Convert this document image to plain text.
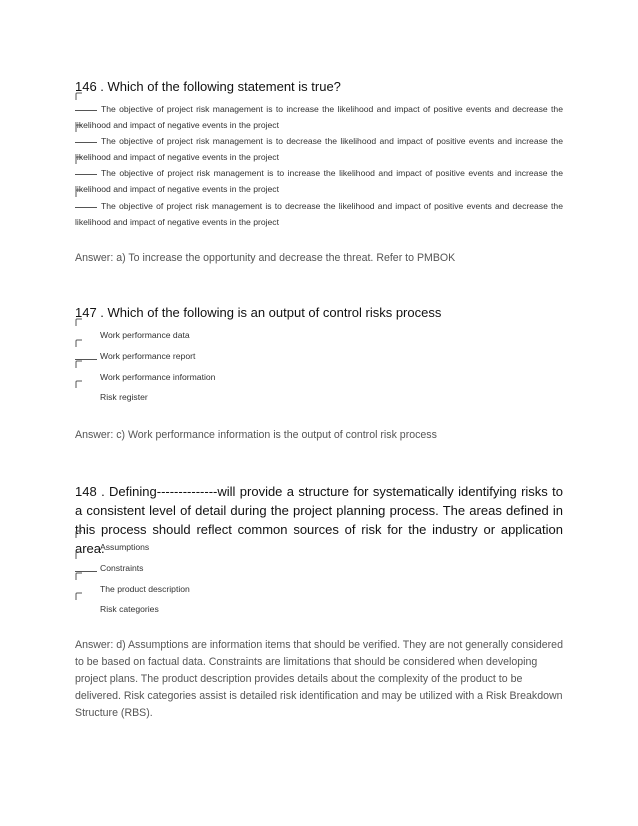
146 . Which of the following statement is true?
The objective of project risk management is to increase the likelihood and impact of positive events and decrease the likelihood and impact of negative events in the project
The objective of project risk management is to decrease the likelihood and impact of positive events and increase the likelihood and impact of negative events in the project
The objective of project risk management is to increase the likelihood and impact of positive events and increase the likelihood and impact of negative events in the project
The objective of project risk management is to decrease the likelihood and impact of positive events and decrease the likelihood and impact of negative events in the project
Answer: a) To increase the opportunity and decrease the threat. Refer to PMBOK
147 . Which of the following is an output of control risks process
Work performance data
Work performance report
Work performance information
Risk register
Answer: c) Work performance information is the output of control risk process
148 . Defining--------------will provide a structure for systematically identifying risks to a consistent level of detail during the project planning process. The areas defined in this process should reflect common sources of risk for the industry or application area.
Assumptions
Constraints
The product description
Risk categories
Answer: d) Assumptions are information items that should be verified. They are not generally considered to be based on factual data. Constraints are limitations that should be considered when developing project plans. The product description provides details about the complexity of the product to be delivered. Risk categories assist is detailed risk identification and may be utilized with a Risk Breakdown Structure (RBS).
